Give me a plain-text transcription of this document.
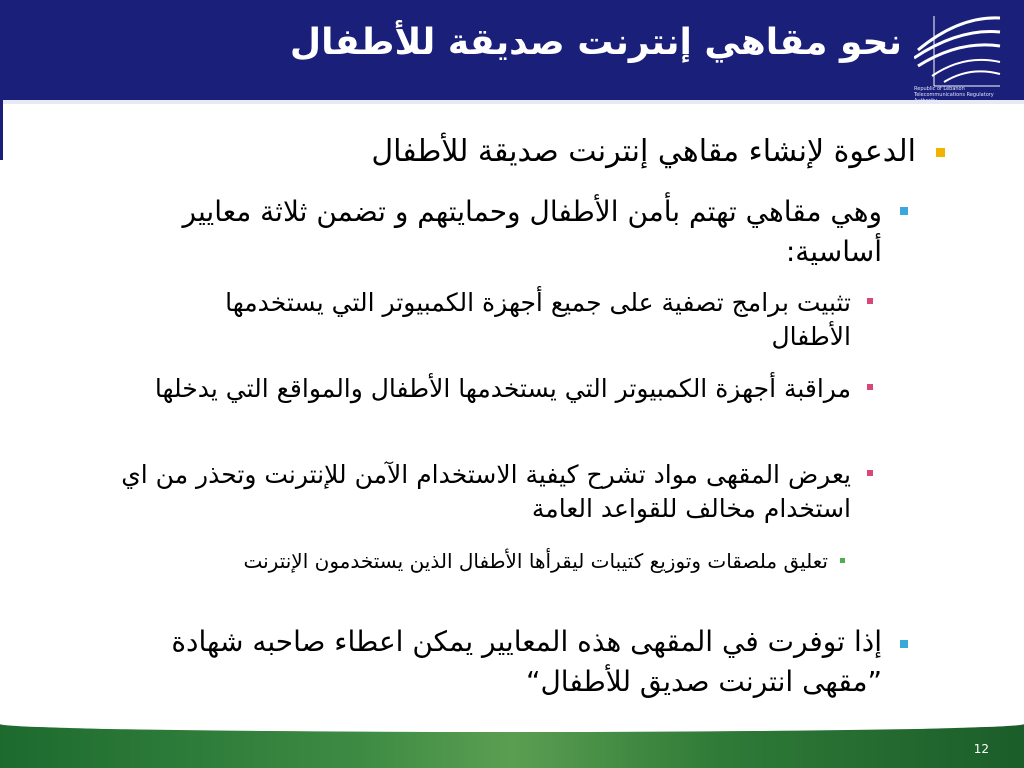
نحو مقاهي إنترنت صديقة للأطفال
Republic of Lebanon Telecommunications Regulatory Authority
الدعوة لإنشاء مقاهي إنترنت صديقة للأطفال
وهي مقاهي تهتم بأمن الأطفال وحمايتهم و تضمن ثلاثة معايير أساسية:
تثبيت برامج تصفية على جميع أجهزة الكمبيوتر التي يستخدمها الأطفال
مراقبة أجهزة الكمبيوتر التي يستخدمها الأطفال والمواقع التي يدخلها
يعرض المقهى مواد تشرح كيفية الاستخدام الآمن للإنترنت وتحذر من اي استخدام مخالف للقواعد العامة
تعليق ملصقات وتوزيع كتيبات ليقرأها الأطفال الذين يستخدمون الإنترنت
إذا توفرت في المقهى هذه المعايير يمكن اعطاء صاحبه شهادة ”مقهى انترنت صديق للأطفال“
12
